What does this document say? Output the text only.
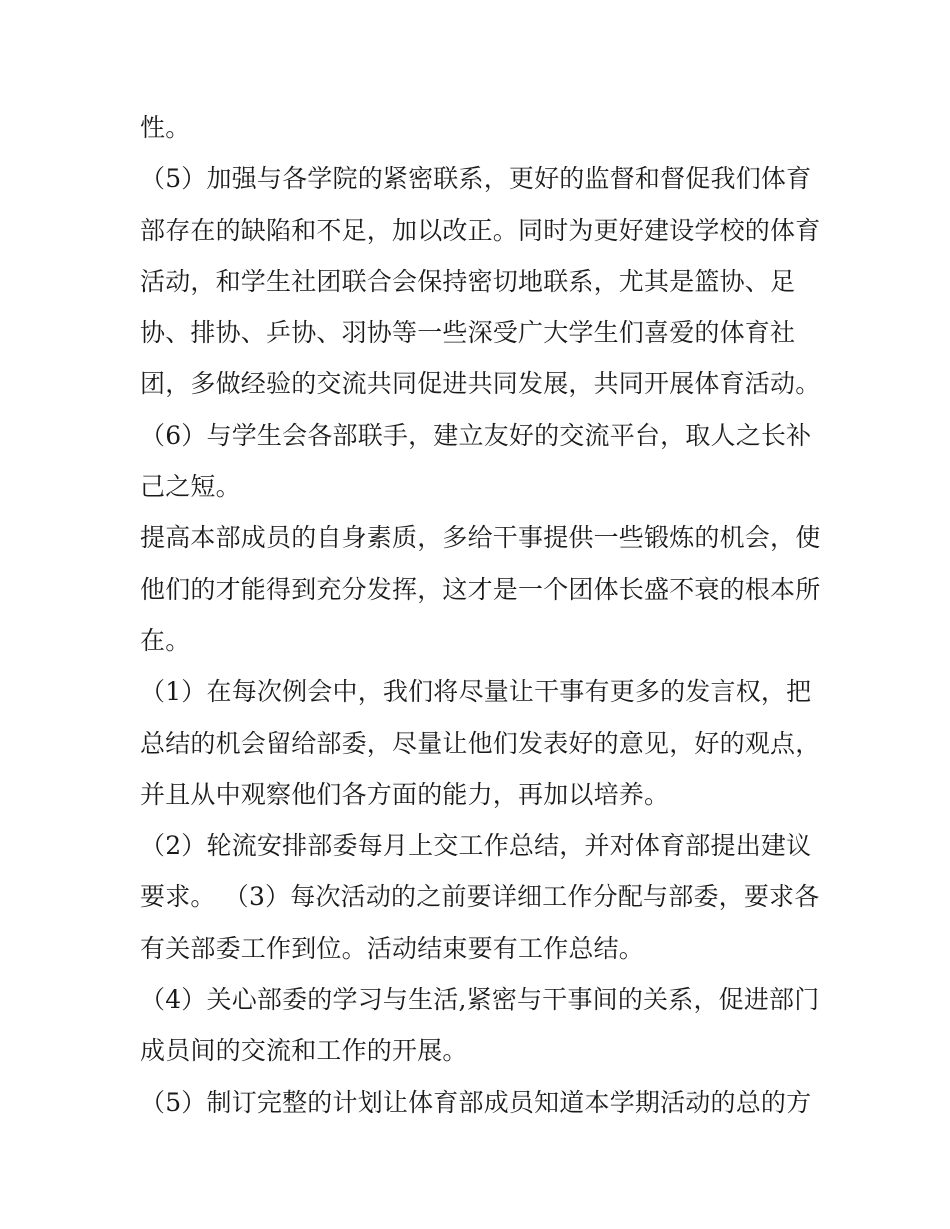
性。
（5）加强与各学院的紧密联系，更好的监督和督促我们体育
部存在的缺陷和不足，加以改正。同时为更好建设学校的体育
活动，和学生社团联合会保持密切地联系，尤其是篮协、足
协、排协、乒协、羽协等一些深受广大学生们喜爱的体育社
团，多做经验的交流共同促进共同发展，共同开展体育活动。
（6）与学生会各部联手，建立友好的交流平台，取人之长补
己之短。
提高本部成员的自身素质，多给干事提供一些锻炼的机会，使
他们的才能得到充分发挥，这才是一个团体长盛不衰的根本所
在。
（1）在每次例会中，我们将尽量让干事有更多的发言权，把
总结的机会留给部委，尽量让他们发表好的意见，好的观点，
并且从中观察他们各方面的能力，再加以培养。
（2）轮流安排部委每月上交工作总结，并对体育部提出建议
要求。 （3）每次活动的之前要详细工作分配与部委，要求各
有关部委工作到位。活动结束要有工作总结。
（4）关心部委的学习与生活,紧密与干事间的关系，促进部门
成员间的交流和工作的开展。
（5）制订完整的计划让体育部成员知道本学期活动的总的方
